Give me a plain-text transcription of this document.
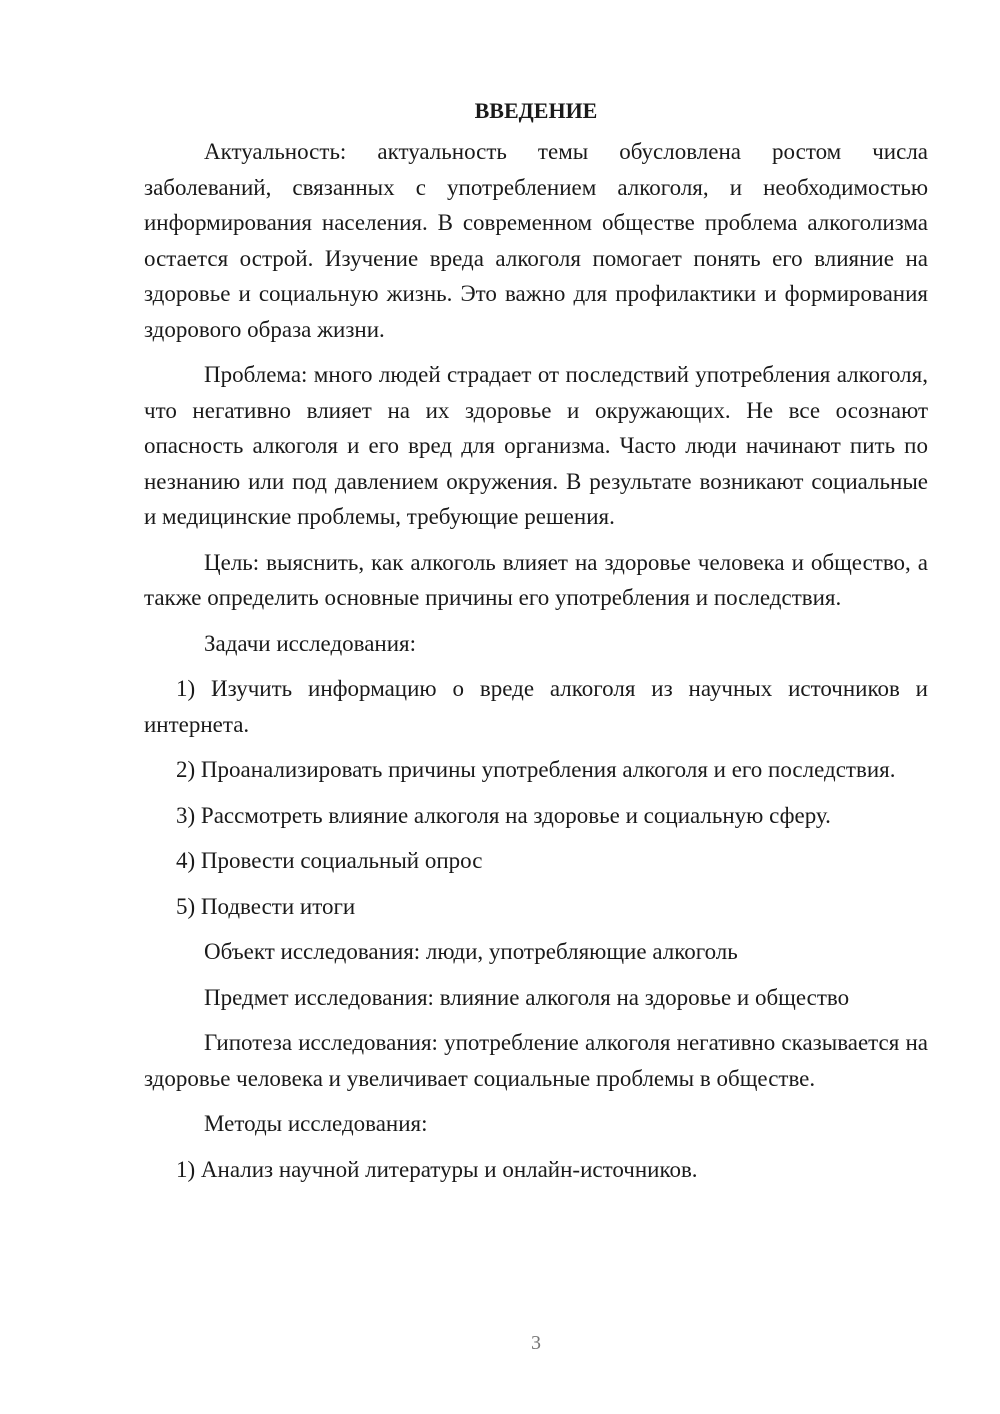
ВВЕДЕНИЕ

Актуальность: актуальность темы обусловлена ростом числа заболеваний, связанных с употреблением алкоголя, и необходимостью информирования населения. В современном обществе проблема алкоголизма остается острой. Изучение вреда алкоголя помогает понять его влияние на здоровье и социальную жизнь. Это важно для профилактики и формирования здорового образа жизни.

Проблема: много людей страдает от последствий употребления алкоголя, что негативно влияет на их здоровье и окружающих. Не все осознают опасность алкоголя и его вред для организма. Часто люди начинают пить по незнанию или под давлением окружения. В результате возникают социальные и медицинские проблемы, требующие решения.

Цель: выяснить, как алкоголь влияет на здоровье человека и общество, а также определить основные причины его употребления и последствия.

Задачи исследования:

1) Изучить информацию о вреде алкоголя из научных источников и интернета.

2) Проанализировать причины употребления алкоголя и его последствия.

3) Рассмотреть влияние алкоголя на здоровье и социальную сферу.

4) Провести социальный опрос

5) Подвести итоги

Объект исследования: люди, употребляющие алкоголь

Предмет исследования: влияние алкоголя на здоровье и общество

Гипотеза исследования: употребление алкоголя негативно сказывается на здоровье человека и увеличивает социальные проблемы в обществе.

Методы исследования:

1) Анализ научной литературы и онлайн-источников.

3
